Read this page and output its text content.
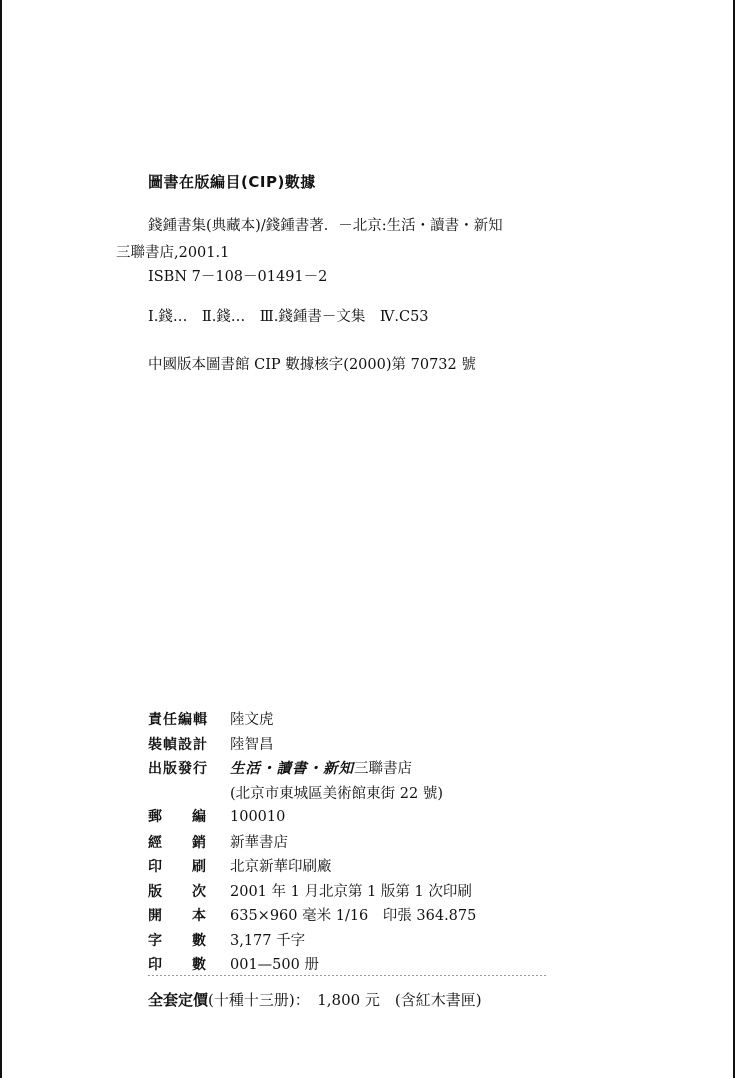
圖書在版編目(CIP)數據
錢鍾書集(典藏本)/錢鍾書著．－北京:生活・讀書・新知
三聯書店,2001.1
ISBN 7－108－01491－2
Ⅰ.錢…　Ⅱ.錢…　Ⅲ.錢鍾書－文集　Ⅳ.C53
中國版本圖書館 CIP 數據核字(2000)第 70732 號
責任編輯	陸文虎
裝幀設計	陸智昌
出版發行	生活・讀書・新知三聯書店
(北京市東城區美術館東街 22 號)
郵 編 100010
經 銷 新華書店
印 刷 北京新華印刷廠
版 次 2001 年 1 月北京第 1 版第 1 次印刷
開 本 635×960 毫米 1/16　印張 364.875
字 數 3,177 千字
印 數 001—500 册
全套定價(十種十三册)：　1,800 元　(含紅木書匣)
